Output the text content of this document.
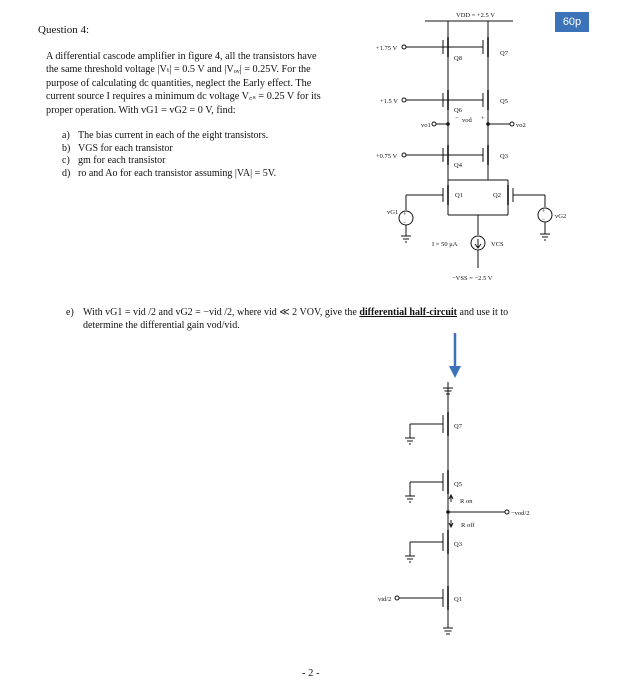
Question 4:
60p
A differential cascode amplifier in figure 4, all the transistors have
the same threshold voltage |Vₜ| = 0.5 V and |Vₒᵥ| = 0.25V. For the
purpose of calculating dc quantities, neglect the Early effect. The
current source I requires a minimum dc voltage V꜀ₛ = 0.25 V for its
proper operation. With vG1 = vG2 = 0 V, find:
a) The bias current in each of the eight transistors.
b) VGS for each transistor
c) gm for each transistor
d) ro and Ao for each transistor assuming |VA| = 5V.
e) With vG1 = vid /2 and vG2 = −vid /2, where vid ≪ 2 VOV, give the differential half-circuit and use it to
determine the differential gain vod/vid.
- 2 -
VDD = +2.5 V
+1.75 V
Q8
+1.5 V
Q6
vo1
+0.75 V
Q4
Q1
Q7
Q5
vo2
vod
−	+
Q3
Q2
I = 50 μA	VCS
−VSS = −2.5 V
+
−
vG1	+
− vG2
Q7
Q5
−vod/2
R on
R off
Q3
vid/2	Q1
